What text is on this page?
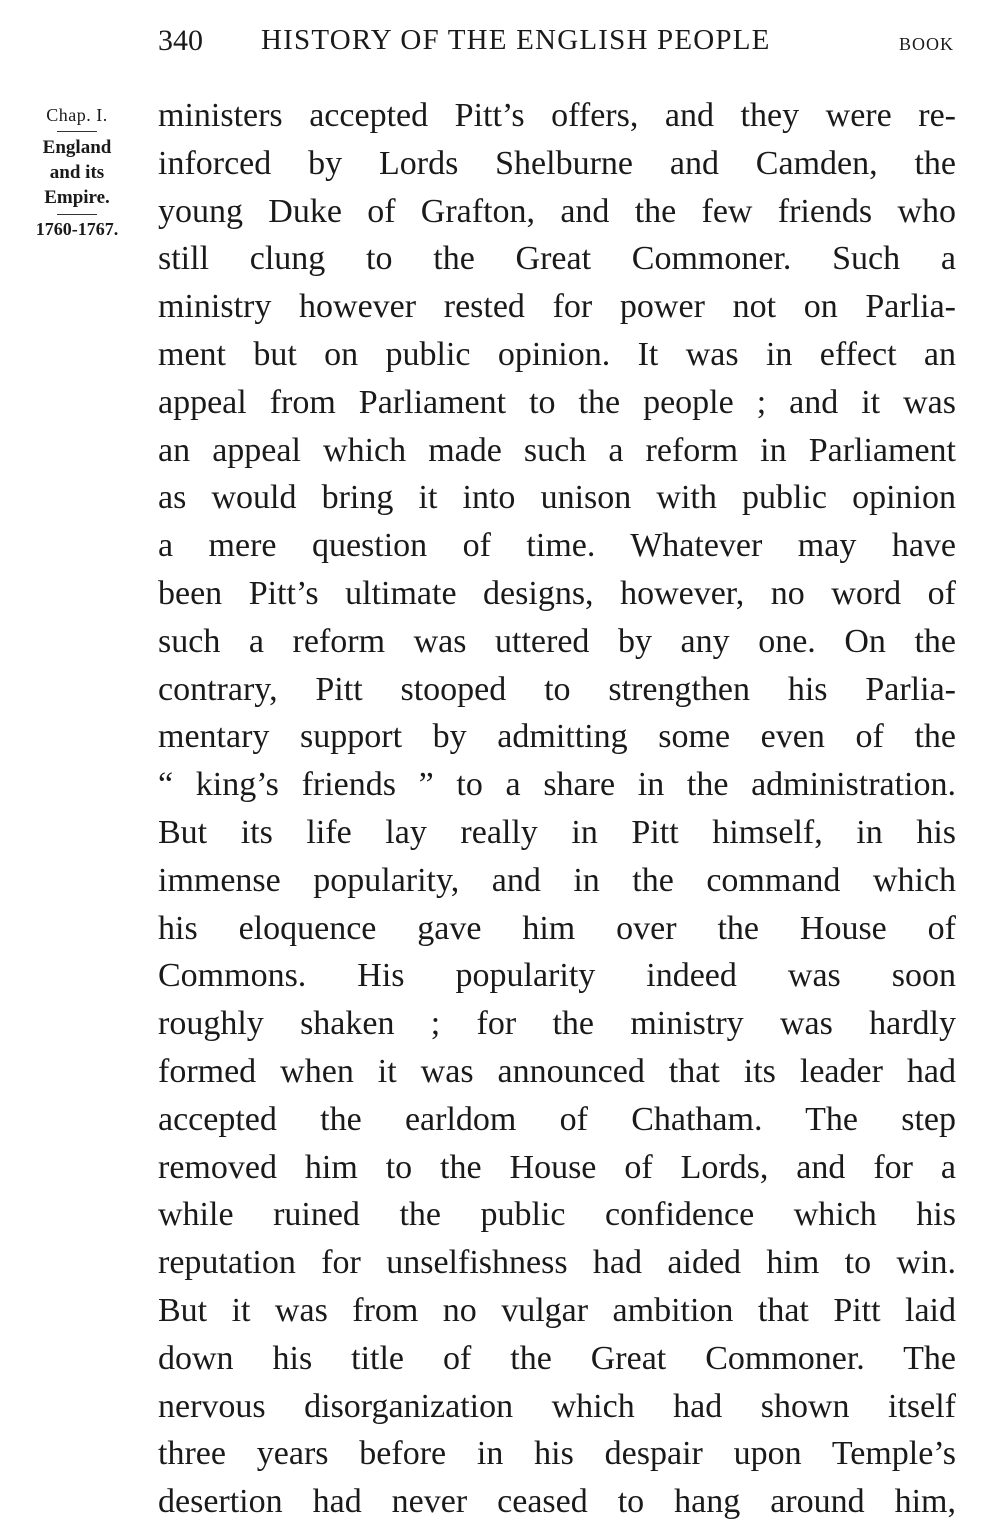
340 HISTORY OF THE ENGLISH PEOPLE	BOOK
Chap. I.
England
and its
Empire.
1760-1767.
ministers accepted Pitt’s offers, and they were re-
inforced by Lords Shelburne and Camden, the
young Duke of Grafton, and the few friends who
still clung to the Great Commoner. Such a
ministry however rested for power not on Parlia-
ment but on public opinion. It was in effect an
appeal from Parliament to the people ; and it was
an appeal which made such a reform in Parliament
as would bring it into unison with public opinion
a mere question of time. Whatever may have
been Pitt’s ultimate designs, however, no word of
such a reform was uttered by any one. On the
contrary, Pitt stooped to strengthen his Parlia-
mentary support by admitting some even of the
“ king’s friends ” to a share in the administration.
But its life lay really in Pitt himself, in his
immense popularity, and in the command which
his eloquence gave him over the House of
Commons. His popularity indeed was soon
roughly shaken ; for the ministry was hardly
formed when it was announced that its leader had
accepted the earldom of Chatham. The step
removed him to the House of Lords, and for a
while ruined the public confidence which his
reputation for unselfishness had aided him to win.
But it was from no vulgar ambition that Pitt laid
down his title of the Great Commoner. The
nervous disorganization which had shown itself
three years before in his despair upon Temple’s
desertion had never ceased to hang around him,
